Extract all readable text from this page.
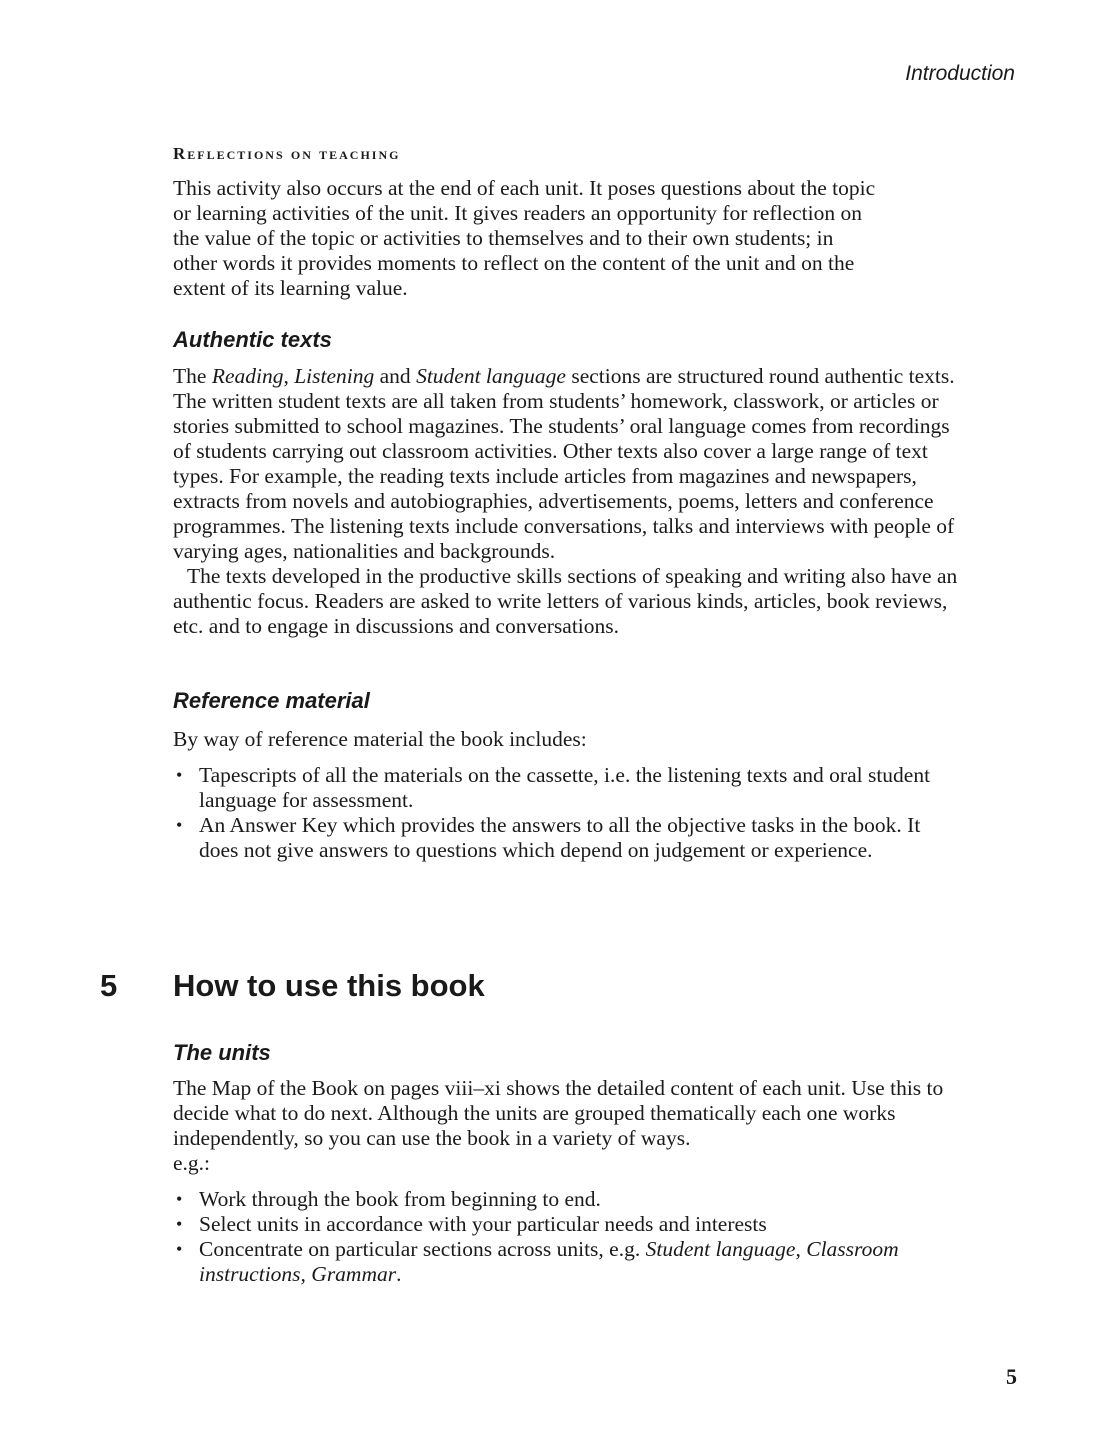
Introduction
Reflections on teaching

This activity also occurs at the end of each unit. It poses questions about the topic

or learning activities of the unit. It gives readers an opportunity for reflection on

the value of the topic or activities to themselves and to their own students; in

other words it provides moments to reflect on the content of the unit and on the

extent of its learning value.

Authentic texts

The Reading, Listening and Student language sections are structured round authentic texts. The written student texts are all taken from students’ homework, classwork, or articles or stories submitted to school magazines. The students’ oral language comes from recordings of students carrying out classroom activities. Other texts also cover a large range of text types. For example, the reading texts include articles from magazines and newspapers, extracts from novels and autobiographies, advertisements, poems, letters and conference programmes. The listening texts include conversations, talks and interviews with people of varying ages, nationalities and backgrounds.

The texts developed in the productive skills sections of speaking and writing also have an authentic focus. Readers are asked to write letters of various kinds, articles, book reviews, etc. and to engage in discussions and conversations.

Reference material

By way of reference material the book includes:

• Tapescripts of all the materials on the cassette, i.e. the listening texts and oral student language for assessment.
• An Answer Key which provides the answers to all the objective tasks in the book. It does not give answers to questions which depend on judgement or experience.
5 How to use this book
The units

The Map of the Book on pages viii–xi shows the detailed content of each unit. Use this to decide what to do next. Although the units are grouped thematically each one works independently, so you can use the book in a variety of ways.

e.g.:

• Work through the book from beginning to end.
• Select units in accordance with your particular needs and interests
• Concentrate on particular sections across units, e.g. Student language, Classroom instructions, Grammar.
5
